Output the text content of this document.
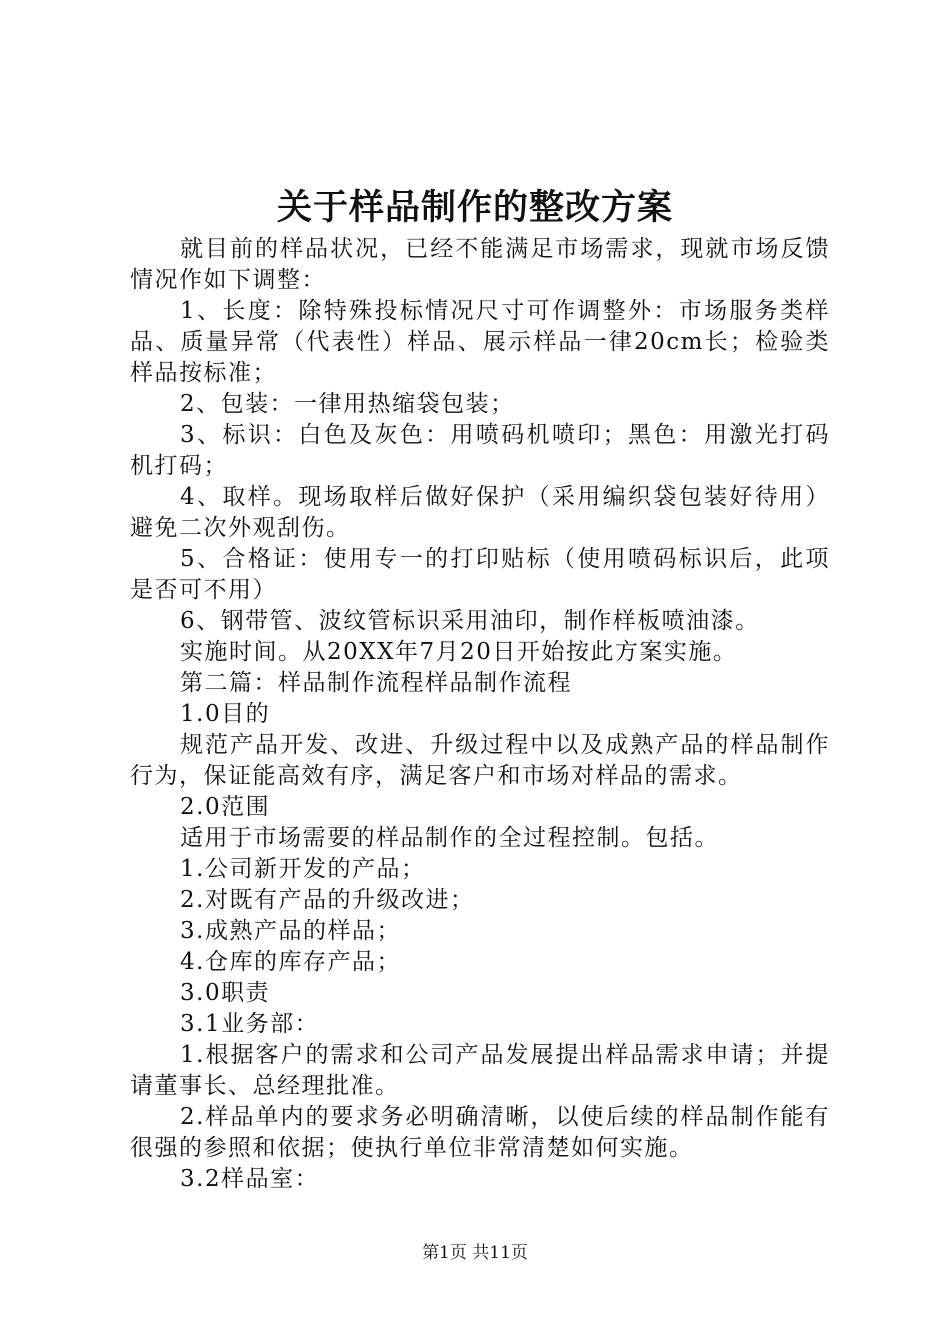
关于样品制作的整改方案

就目前的样品状况，已经不能满足市场需求，现就市场反馈情况作如下调整：

1、长度：除特殊投标情况尺寸可作调整外：市场服务类样品、质量异常（代表性）样品、展示样品一律20cm长；检验类样品按标准；

2、包装：一律用热缩袋包装；

3、标识：白色及灰色：用喷码机喷印；黑色：用激光打码机打码；

4、取样。现场取样后做好保护（采用编织袋包装好待用）避免二次外观刮伤。

5、合格证：使用专一的打印贴标（使用喷码标识后，此项是否可不用）

6、钢带管、波纹管标识采用油印，制作样板喷油漆。

实施时间。从20XX年7月20日开始按此方案实施。

第二篇：样品制作流程样品制作流程

1.0目的

规范产品开发、改进、升级过程中以及成熟产品的样品制作行为，保证能高效有序，满足客户和市场对样品的需求。

2.0范围

适用于市场需要的样品制作的全过程控制。包括。

1.公司新开发的产品；

2.对既有产品的升级改进；

3.成熟产品的样品；

4.仓库的库存产品；

3.0职责

3.1业务部：

1.根据客户的需求和公司产品发展提出样品需求申请；并提请董事长、总经理批准。

2.样品单内的要求务必明确清晰，以使后续的样品制作能有很强的参照和依据；使执行单位非常清楚如何实施。

3.2样品室：

第1页 共11页
